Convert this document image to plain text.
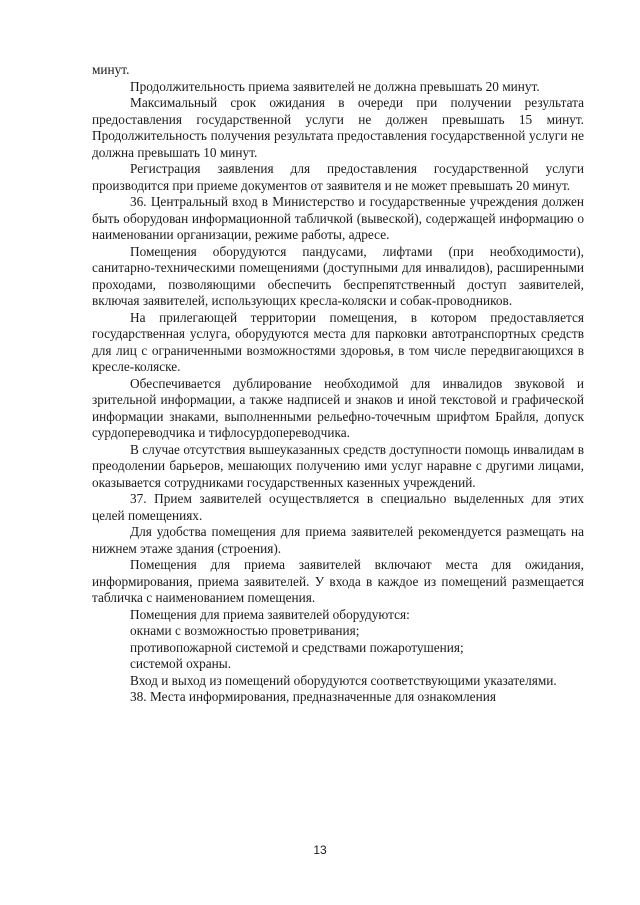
минут.

Продолжительность приема заявителей не должна превышать 20 минут.

Максимальный срок ожидания в очереди при получении результата предоставления государственной услуги не должен превышать 15 минут. Продолжительность получения результата предоставления государственной услуги не должна превышать 10 минут.

Регистрация заявления для предоставления государственной услуги производится при приеме документов от заявителя и не может превышать 20 минут.

36. Центральный вход в Министерство и государственные учреждения должен быть оборудован информационной табличкой (вывеской), содержащей информацию о наименовании организации, режиме работы, адресе.

Помещения оборудуются пандусами, лифтами (при необходимости), санитарно-техническими помещениями (доступными для инвалидов), расширенными проходами, позволяющими обеспечить беспрепятственный доступ заявителей, включая заявителей, использующих кресла-коляски и собак-проводников.

На прилегающей территории помещения, в котором предоставляется государственная услуга, оборудуются места для парковки автотранспортных средств для лиц с ограниченными возможностями здоровья, в том числе передвигающихся в кресле-коляске.

Обеспечивается дублирование необходимой для инвалидов звуковой и зрительной информации, а также надписей и знаков и иной текстовой и графической информации знаками, выполненными рельефно-точечным шрифтом Брайля, допуск сурдопереводчика и тифлосурдопереводчика.

В случае отсутствия вышеуказанных средств доступности помощь инвалидам в преодолении барьеров, мешающих получению ими услуг наравне с другими лицами, оказывается сотрудниками государственных казенных учреждений.

37. Прием заявителей осуществляется в специально выделенных для этих целей помещениях.

Для удобства помещения для приема заявителей рекомендуется размещать на нижнем этаже здания (строения).

Помещения для приема заявителей включают места для ожидания, информирования, приема заявителей. У входа в каждое из помещений размещается табличка с наименованием помещения.

Помещения для приема заявителей оборудуются:

окнами с возможностью проветривания;

противопожарной системой и средствами пожаротушения;

системой охраны.

Вход и выход из помещений оборудуются соответствующими указателями.

38. Места информирования, предназначенные для ознакомления

13
